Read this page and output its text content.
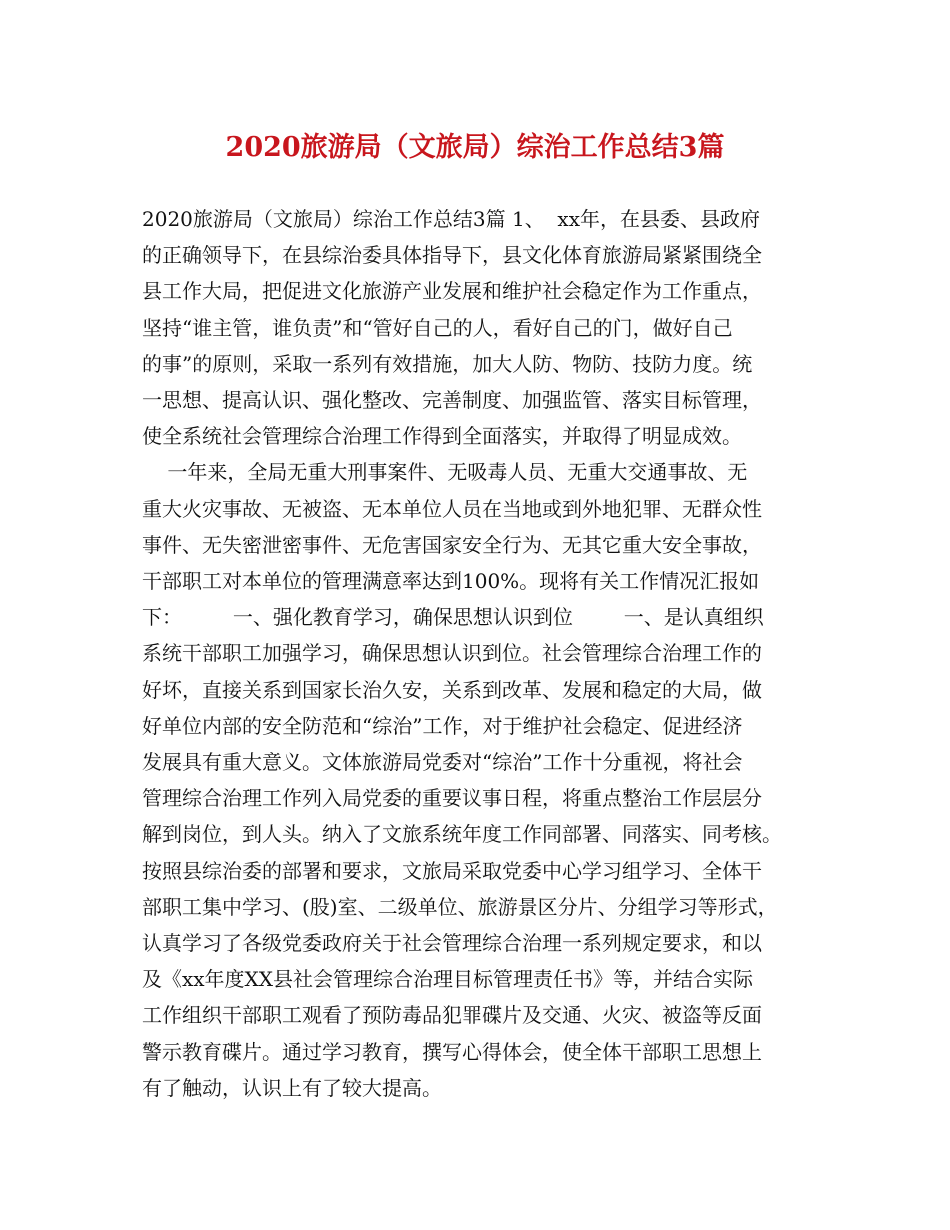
2020旅游局（文旅局）综治工作总结3篇
2020旅游局（文旅局）综治工作总结3篇 1、  xx年，在县委、县政府
的正确领导下，在县综治委具体指导下，县文化体育旅游局紧紧围绕全
县工作大局，把促进文化旅游产业发展和维护社会稳定作为工作重点，
坚持“谁主管，谁负责”和“管好自己的人，看好自己的门，做好自己
的事”的原则，采取一系列有效措施，加大人防、物防、技防力度。统
一思想、提高认识、强化整改、完善制度、加强监管、落实目标管理，
使全系统社会管理综合治理工作得到全面落实，并取得了明显成效。
一年来，全局无重大刑事案件、无吸毒人员、无重大交通事故、无
重大火灾事故、无被盗、无本单位人员在当地或到外地犯罪、无群众性
事件、无失密泄密事件、无危害国家安全行为、无其它重大安全事故，
干部职工对本单位的管理满意率达到100%。现将有关工作情况汇报如
下：        一、强化教育学习，确保思想认识到位        一、是认真组织
系统干部职工加强学习，确保思想认识到位。社会管理综合治理工作的
好坏，直接关系到国家长治久安，关系到改革、发展和稳定的大局，做
好单位内部的安全防范和“综治”工作，对于维护社会稳定、促进经济
发展具有重大意义。文体旅游局党委对“综治”工作十分重视，将社会
管理综合治理工作列入局党委的重要议事日程，将重点整治工作层层分
解到岗位，到人头。纳入了文旅系统年度工作同部署、同落实、同考核。
按照县综治委的部署和要求，文旅局采取党委中心学习组学习、全体干
部职工集中学习、(股)室、二级单位、旅游景区分片、分组学习等形式，
认真学习了各级党委政府关于社会管理综合治理一系列规定要求，和以
及《xx年度XX县社会管理综合治理目标管理责任书》等，并结合实际
工作组织干部职工观看了预防毒品犯罪碟片及交通、火灾、被盗等反面
警示教育碟片。通过学习教育，撰写心得体会，使全体干部职工思想上
有了触动，认识上有了较大提高。
